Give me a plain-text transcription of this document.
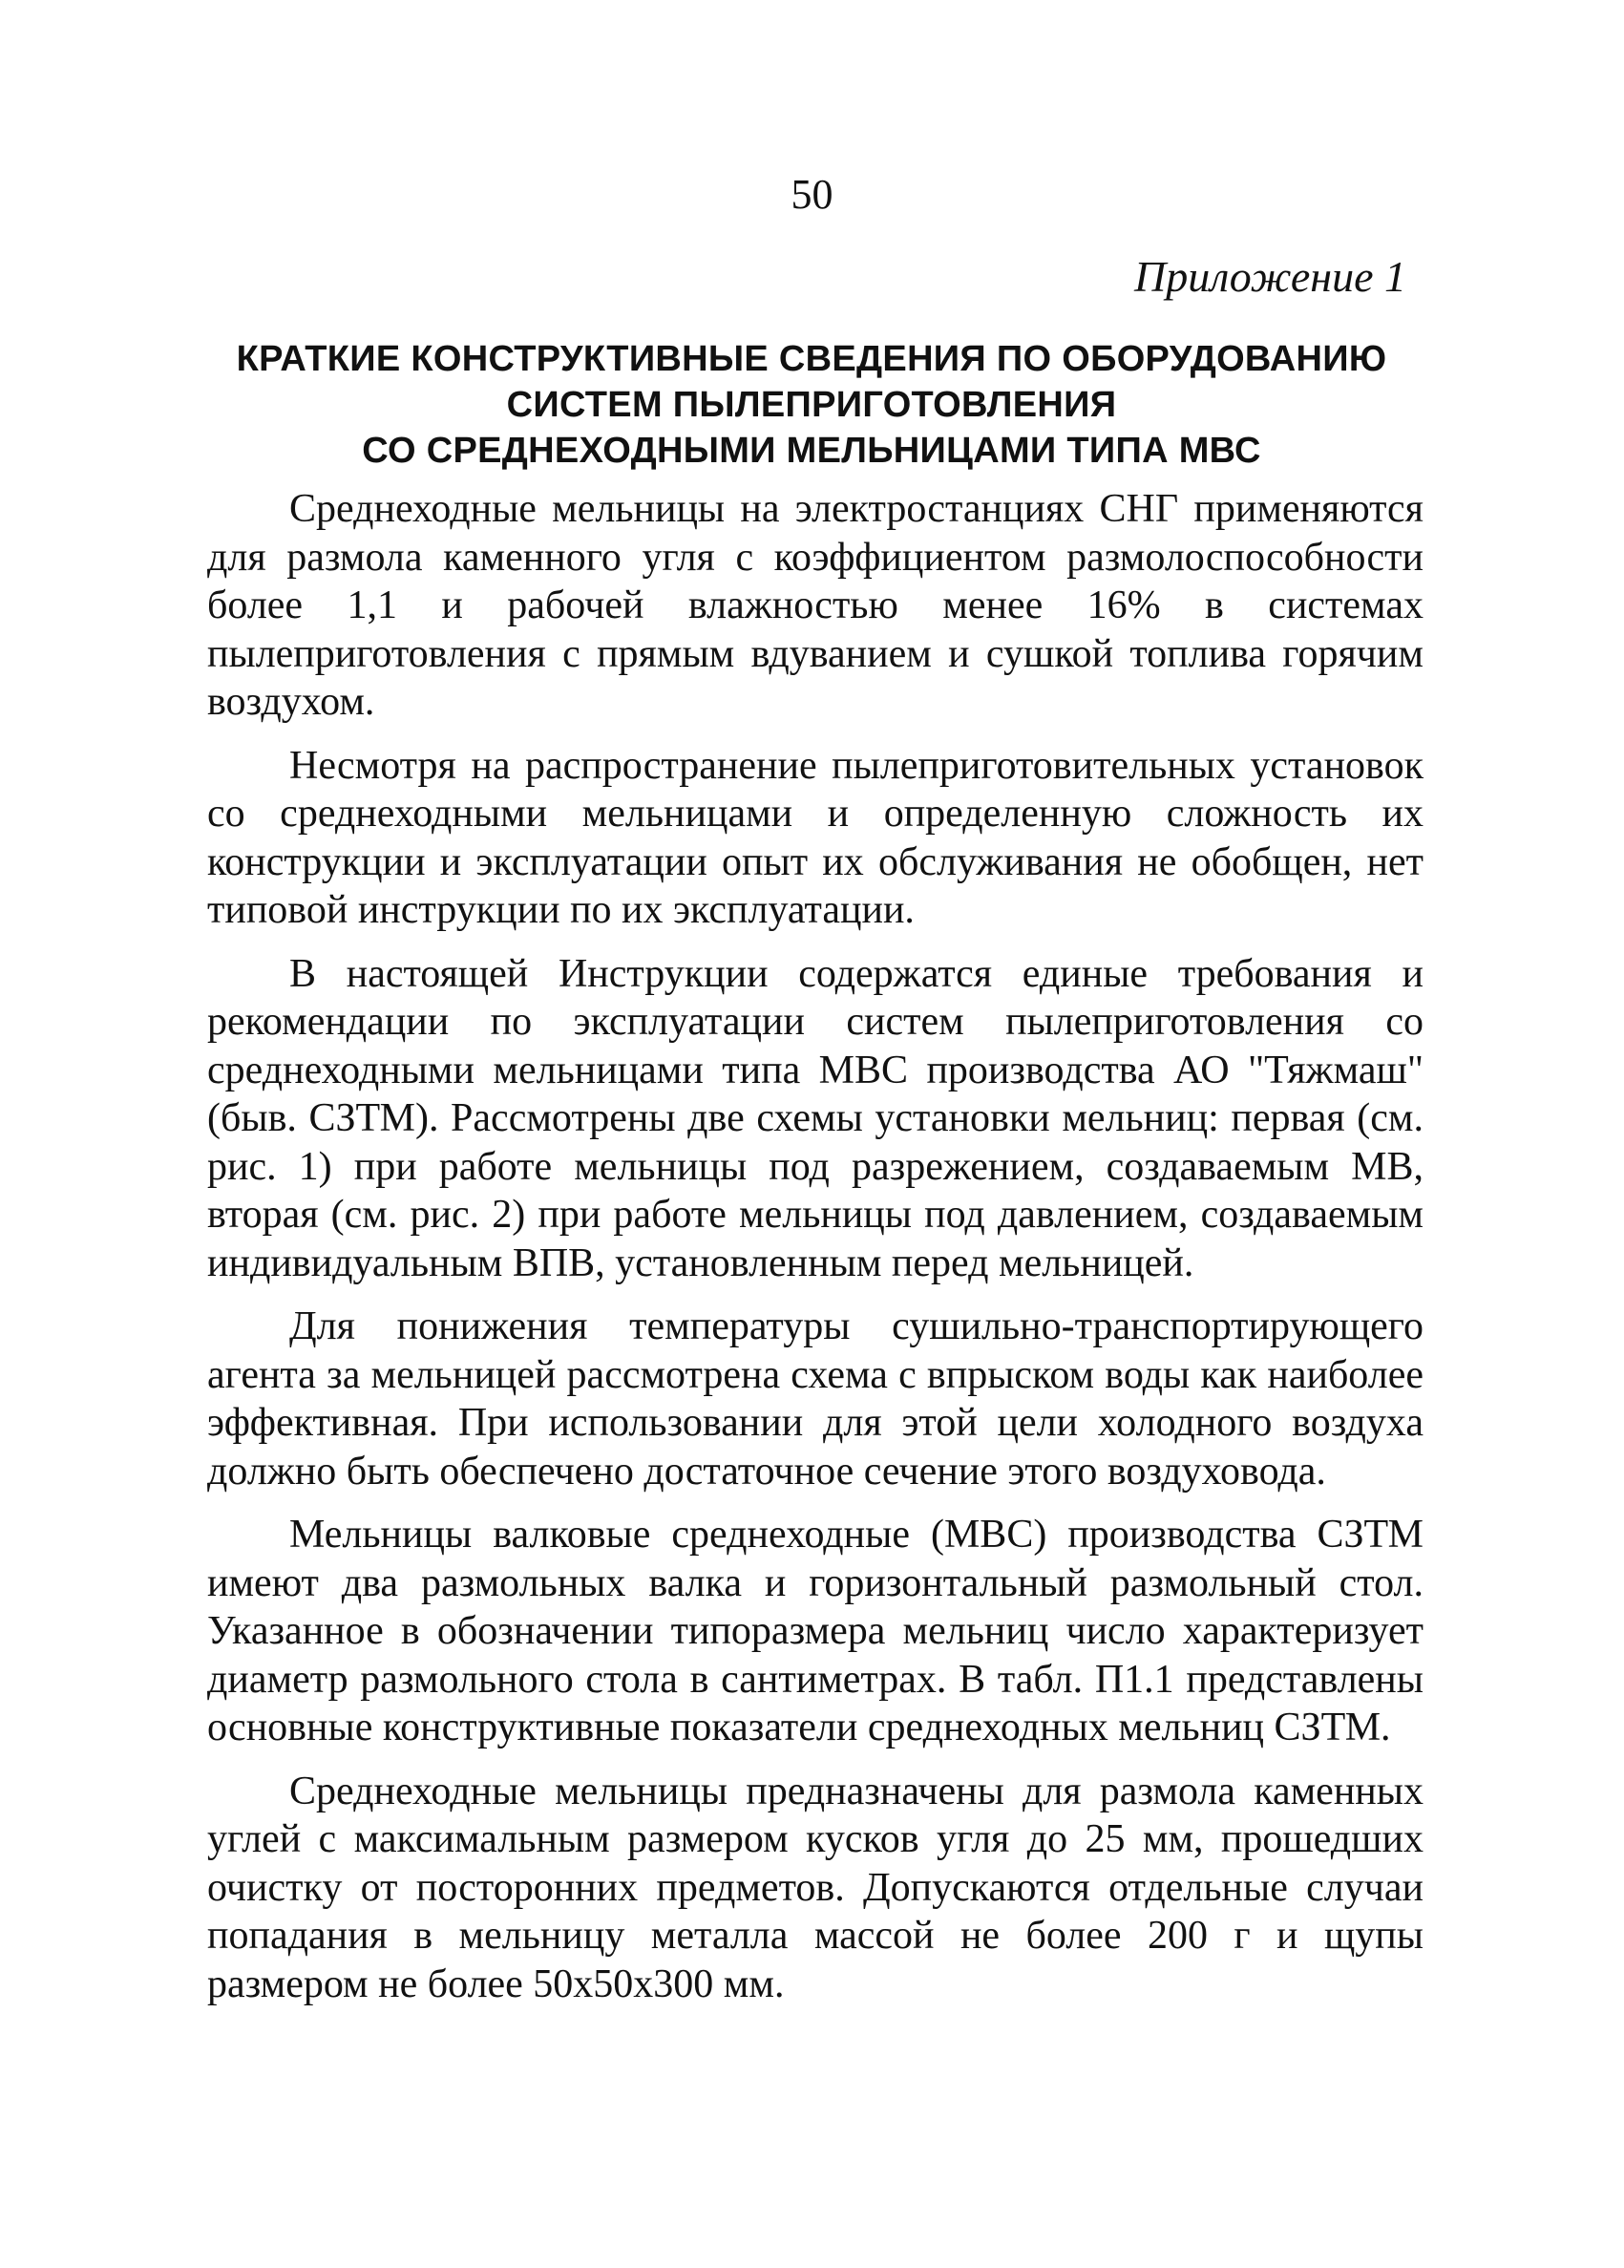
50
Приложение 1
КРАТКИЕ КОНСТРУКТИВНЫЕ СВЕДЕНИЯ ПО ОБОРУДОВАНИЮ
СИСТЕМ ПЫЛЕПРИГОТОВЛЕНИЯ
СО СРЕДНЕХОДНЫМИ МЕЛЬНИЦАМИ ТИПА МВС

Среднеходные мельницы на электростанциях СНГ применяются для размола каменного угля с коэффициентом размолоспособности более 1,1 и рабочей влажностью менее 16% в системах пылеприготовления с прямым вдуванием и сушкой топлива горячим воздухом.

Несмотря на распространение пылеприготовительных установок со среднеходными мельницами и определенную сложность их конструкции и эксплуатации опыт их обслуживания не обобщен, нет типовой инструкции по их эксплуатации.

В настоящей Инструкции содержатся единые требования и рекомендации по эксплуатации систем пылеприготовления со среднеходными мельницами типа МВС производства АО "Тяжмаш" (быв. СЗТМ). Рассмотрены две схемы установки мельниц: первая (см. рис. 1) при работе мельницы под разрежением, создаваемым МВ, вторая (см. рис. 2) при работе мельницы под давлением, создаваемым индивидуальным ВПВ, установленным перед мельницей.

Для понижения температуры сушильно-транспортирующего агента за мельницей рассмотрена схема с впрыском воды как наиболее эффективная. При использовании для этой цели холодного воздуха должно быть обеспечено достаточное сечение этого воздуховода.

Мельницы валковые среднеходные (МВС) производства СЗТМ имеют два размольных валка и горизонтальный размольный стол. Указанное в обозначении типоразмера мельниц число характеризует диаметр размольного стола в сантиметрах. В табл. П1.1 представлены основные конструктивные показатели среднеходных мельниц СЗТМ.

Среднеходные мельницы предназначены для размола каменных углей с максимальным размером кусков угля до 25 мм, прошедших очистку от посторонних предметов. Допускаются отдельные случаи попадания в мельницу металла массой не более 200 г и щупы размером не более 50х50х300 мм.
